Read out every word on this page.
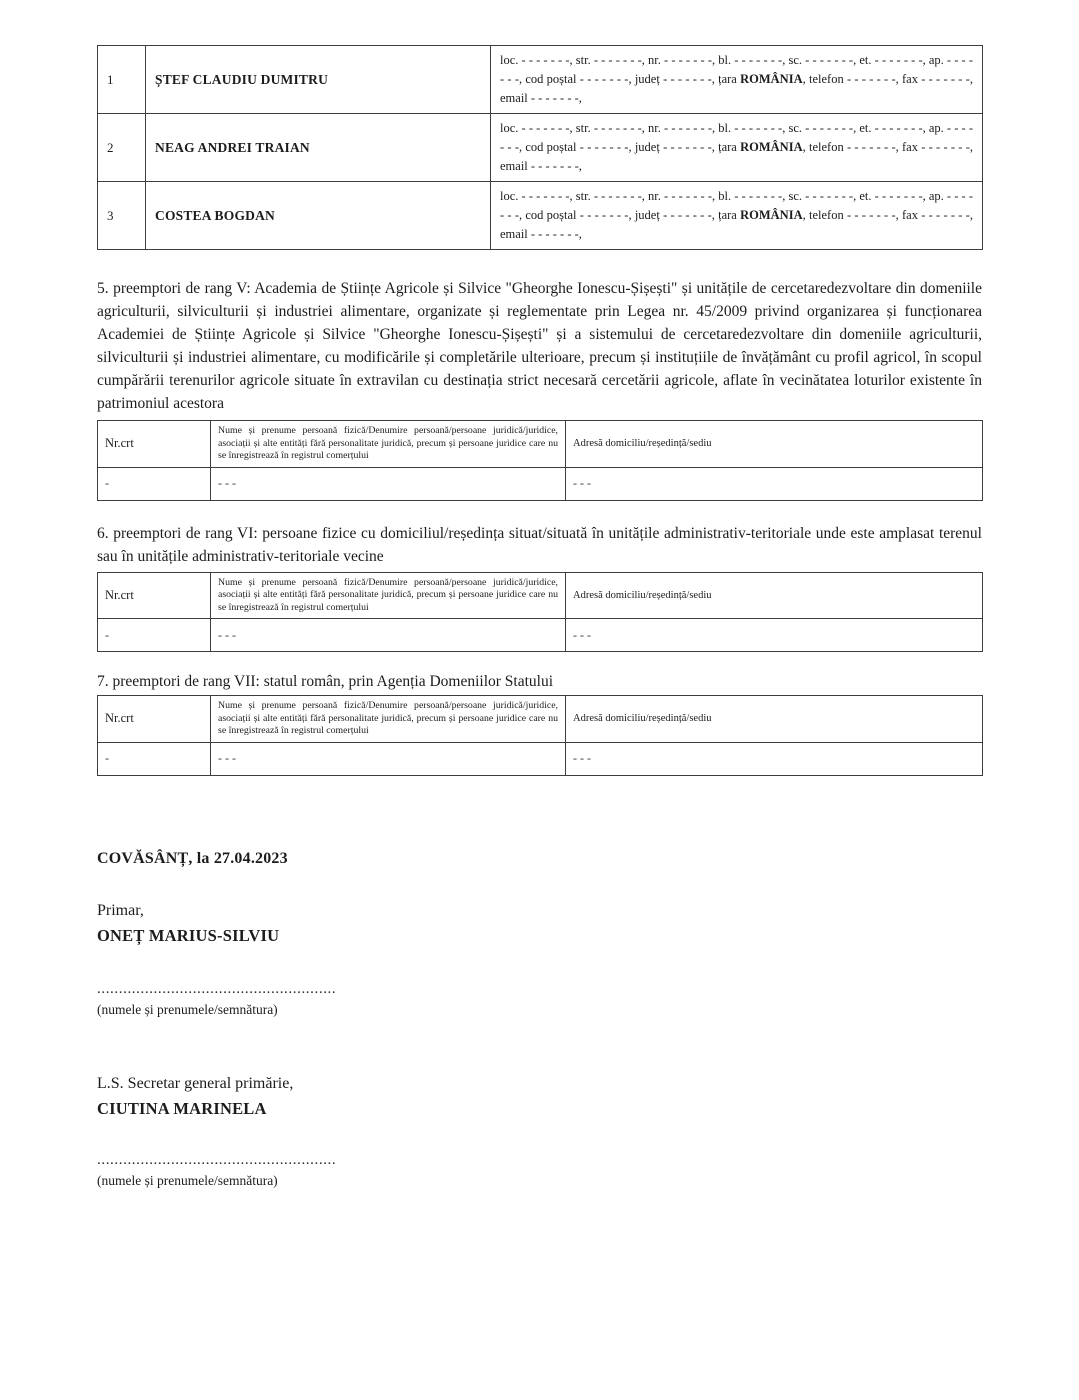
1	ȘTEF CLAUDIU DUMITRU	loc. - - - - - - -, str. - - - - - - -, nr. - - - - - - -, bl. - - - - - - -, sc. - - - - - - -, et. - - - - - - -, ap. - - - - - - -, cod poștal - - - - - - -, județ - - - - - - -, țara ROMÂNIA, telefon - - - - - - -, fax - - - - - - -, email - - - - - - -,
2	NEAG ANDREI TRAIAN	loc. - - - - - - -, str. - - - - - - -, nr. - - - - - - -, bl. - - - - - - -, sc. - - - - - - -, et. - - - - - - -, ap. - - - - - - -, cod poștal - - - - - - -, județ - - - - - - -, țara ROMÂNIA, telefon - - - - - - -, fax - - - - - - -, email - - - - - - -,
3	COSTEA BOGDAN	loc. - - - - - - -, str. - - - - - - -, nr. - - - - - - -, bl. - - - - - - -, sc. - - - - - - -, et. - - - - - - -, ap. - - - - - - -, cod poștal - - - - - - -, județ - - - - - - -, țara ROMÂNIA, telefon - - - - - - -, fax - - - - - - -, email - - - - - - -,

5. preemptori de rang V: Academia de Științe Agricole și Silvice "Gheorghe Ionescu-Șișești" și unitățile de cercetaredezvoltare din domeniile agriculturii, silviculturii și industriei alimentare, organizate și reglementate prin Legea nr. 45/2009 privind organizarea și funcționarea Academiei de Științe Agricole și Silvice "Gheorghe Ionescu-Șișești" și a sistemului de cercetaredezvoltare din domeniile agriculturii, silviculturii și industriei alimentare, cu modificările și completările ulterioare, precum și instituțiile de învățământ cu profil agricol, în scopul cumpărării terenurilor agricole situate în extravilan cu destinația strict necesară cercetării agricole, aflate în vecinătatea loturilor existente în patrimoniul acestora

Nr.crt	Nume și prenume persoană fizică/Denumire persoană/persoane juridică/juridice, asociații și alte entități fără personalitate juridică, precum și persoane juridice care nu se înregistrează în registrul comerțului	Adresă domiciliu/reședință/sediu
-	- - -	- - -

6. preemptori de rang VI: persoane fizice cu domiciliul/reședința situat/situată în unitățile administrativ-teritoriale unde este amplasat terenul sau în unitățile administrativ-teritoriale vecine

Nr.crt	Nume și prenume persoană fizică/Denumire persoană/persoane juridică/juridice, asociații și alte entități fără personalitate juridică, precum și persoane juridice care nu se înregistrează în registrul comerțului	Adresă domiciliu/reședință/sediu
-	- - -	- - -

7. preemptori de rang VII: statul român, prin Agenția Domeniilor Statului

Nr.crt	Nume și prenume persoană fizică/Denumire persoană/persoane juridică/juridice, asociații și alte entități fără personalitate juridică, precum și persoane juridice care nu se înregistrează în registrul comerțului	Adresă domiciliu/reședință/sediu
-	- - -	- - -
COVĂSÂNȚ, la 27.04.2023
Primar,
ONEȚ MARIUS-SILVIU
.......................................................
(numele și prenumele/semnătura)
L.S. Secretar general primărie,
CIUTINA MARINELA
.......................................................
(numele și prenumele/semnătura)
